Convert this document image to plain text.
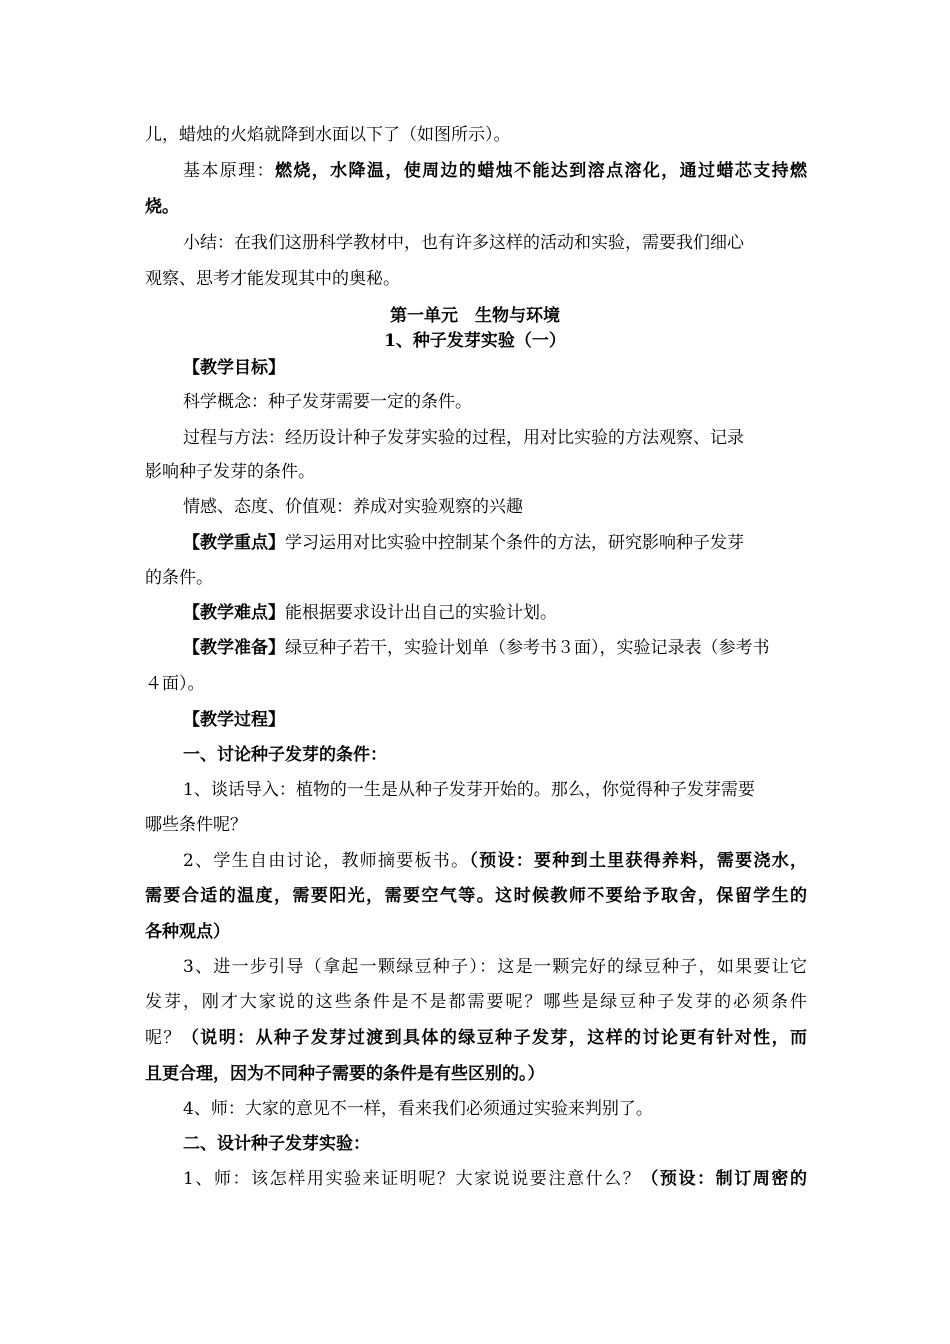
儿，蜡烛的火焰就降到水面以下了（如图所示）。
基本原理：燃烧，水降温，使周边的蜡烛不能达到溶点溶化，通过蜡芯支持燃
烧。
小结：在我们这册科学教材中，也有许多这样的活动和实验，需要我们细心
观察、思考才能发现其中的奥秘。
第一单元　生物与环境
1、种子发芽实验（一）
【教学目标】
科学概念：种子发芽需要一定的条件。
过程与方法：经历设计种子发芽实验的过程，用对比实验的方法观察、记录
影响种子发芽的条件。
情感、态度、价值观：养成对实验观察的兴趣
【教学重点】学习运用对比实验中控制某个条件的方法，研究影响种子发芽
的条件。
【教学难点】能根据要求设计出自己的实验计划。
【教学准备】绿豆种子若干，实验计划单（参考书３面），实验记录表（参考书
４面）。
【教学过程】
一、讨论种子发芽的条件：
1、谈话导入：植物的一生是从种子发芽开始的。那么，你觉得种子发芽需要
哪些条件呢？
2、学生自由讨论，教师摘要板书。（预设：要种到土里获得养料，需要浇水，
需要合适的温度，需要阳光，需要空气等。这时候教师不要给予取舍，保留学生的
各种观点）
3、进一步引导（拿起一颗绿豆种子）：这是一颗完好的绿豆种子，如果要让它
发芽，刚才大家说的这些条件是不是都需要呢？哪些是绿豆种子发芽的必须条件
呢？（说明：从种子发芽过渡到具体的绿豆种子发芽，这样的讨论更有针对性，而
且更合理，因为不同种子需要的条件是有些区别的。）
4、师：大家的意见不一样，看来我们必须通过实验来判别了。
二、设计种子发芽实验：
1、师：该怎样用实验来证明呢？大家说说要注意什么？（预设：制订周密的
